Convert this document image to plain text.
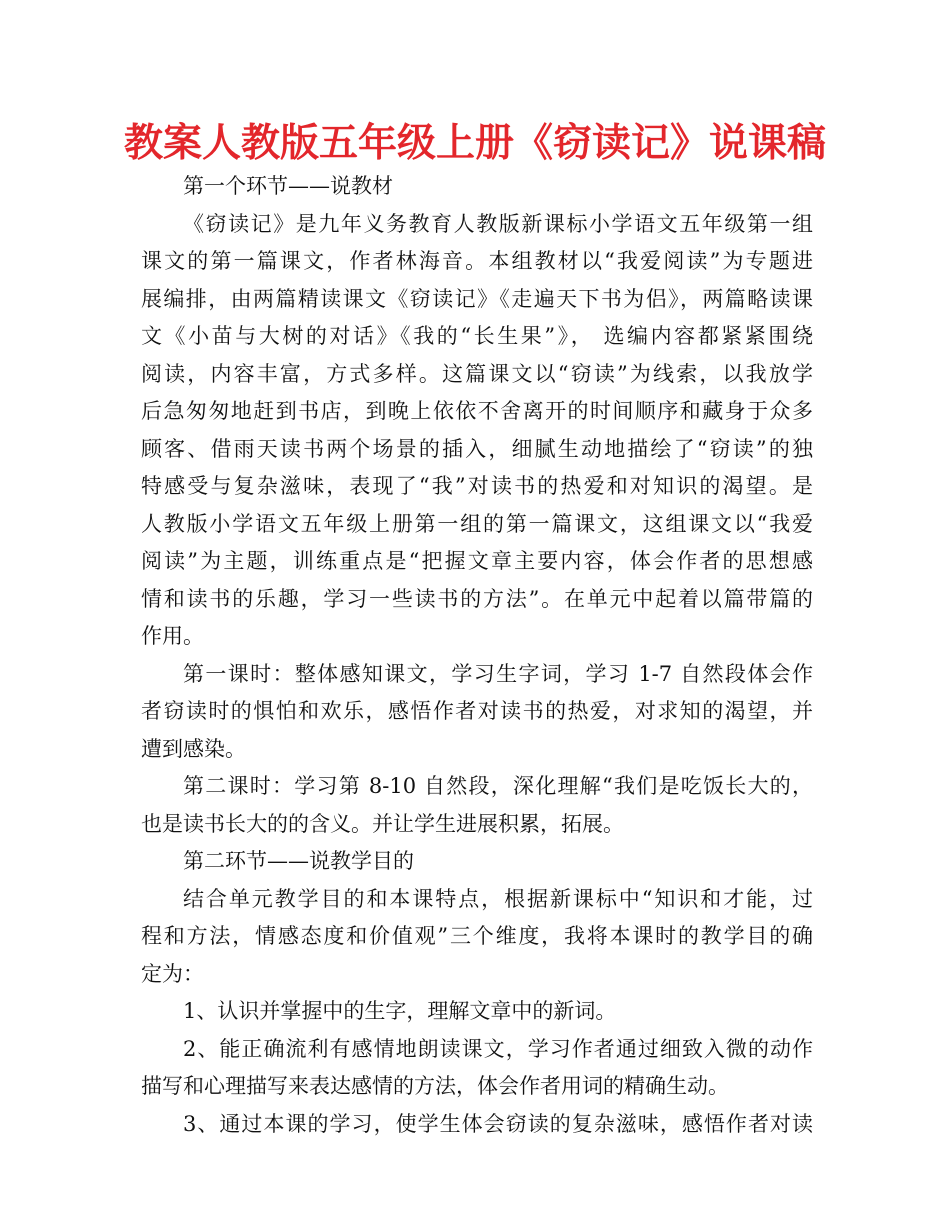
教案人教版五年级上册《窃读记》说课稿
第一个环节——说教材
《窃读记》是九年义务教育人教版新课标小学语文五年级第一组
课文的第一篇课文，作者林海音。本组教材以“我爱阅读”为专题进
展编排，由两篇精读课文《窃读记》《走遍天下书为侣》，两篇略读课
文《小苗与大树的对话》《我的“长生果”》， 选编内容都紧紧围绕
阅读，内容丰富，方式多样。这篇课文以“窃读”为线索，以我放学
后急匆匆地赶到书店，到晚上依依不舍离开的时间顺序和藏身于众多
顾客、借雨天读书两个场景的插入，细腻生动地描绘了“窃读”的独
特感受与复杂滋味，表现了“我”对读书的热爱和对知识的渴望。是
人教版小学语文五年级上册第一组的第一篇课文，这组课文以“我爱
阅读”为主题，训练重点是“把握文章主要内容，体会作者的思想感
情和读书的乐趣，学习一些读书的方法”。在单元中起着以篇带篇的
作用。
第一课时：整体感知课文，学习生字词，学习 1-7 自然段体会作
者窃读时的惧怕和欢乐，感悟作者对读书的热爱，对求知的渴望，并
遭到感染。
第二课时：学习第 8-10 自然段，深化理解“我们是吃饭长大的，
也是读书长大的的含义。并让学生进展积累，拓展。
第二环节——说教学目的
结合单元教学目的和本课特点，根据新课标中“知识和才能，过
程和方法，情感态度和价值观”三个维度，我将本课时的教学目的确
定为：
1、认识并掌握中的生字，理解文章中的新词。
2、能正确流利有感情地朗读课文，学习作者通过细致入微的动作
描写和心理描写来表达感情的方法，体会作者用词的精确生动。
3、通过本课的学习，使学生体会窃读的复杂滋味，感悟作者对读
